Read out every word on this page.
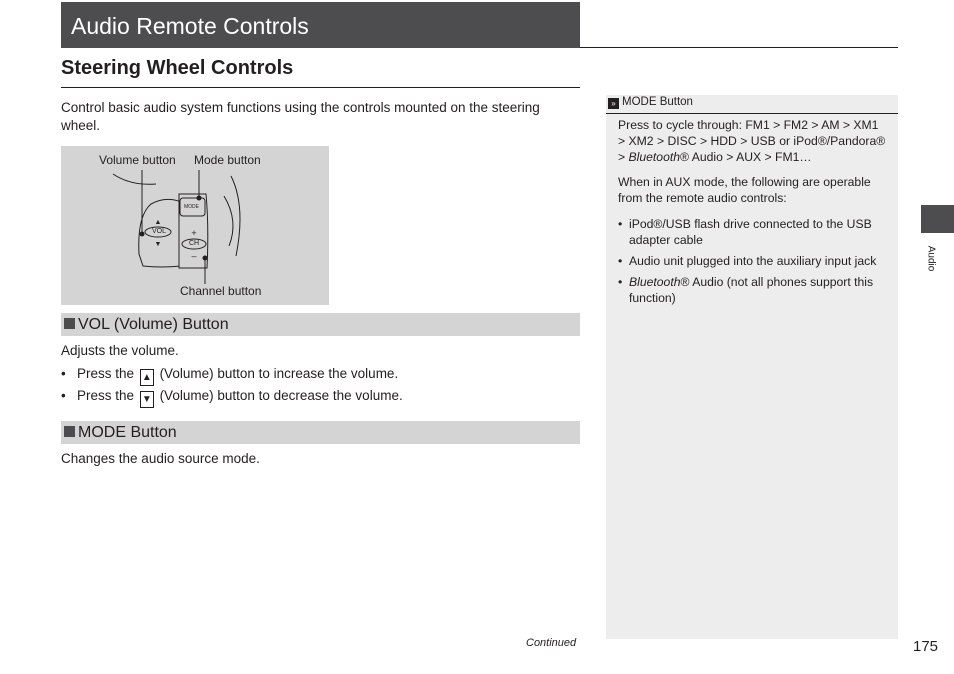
Audio Remote Controls
Steering Wheel Controls
Control basic audio system functions using the controls mounted on the steering wheel.
▲
▼
+
–
Volume button Mode button
Channel button
MODE
VOL
CH
VOL (Volume) Button
Adjusts the volume.
• Press the ▲ (Volume) button to increase the volume.
• Press the ▼ (Volume) button to decrease the volume.
MODE Button
Changes the audio source mode.
» MODE Button
Press to cycle through: FM1 > FM2 > AM > XM1
> XM2 > DISC > HDD > USB or iPod®/Pandora®
> Bluetooth® Audio > AUX > FM1…
When in AUX mode, the following are operable from the remote audio controls:
• iPod®/USB flash drive connected to the USB adapter cable
• Audio unit plugged into the auxiliary input jack
• Bluetooth® Audio (not all phones support this function)
Audio
Continued	175
